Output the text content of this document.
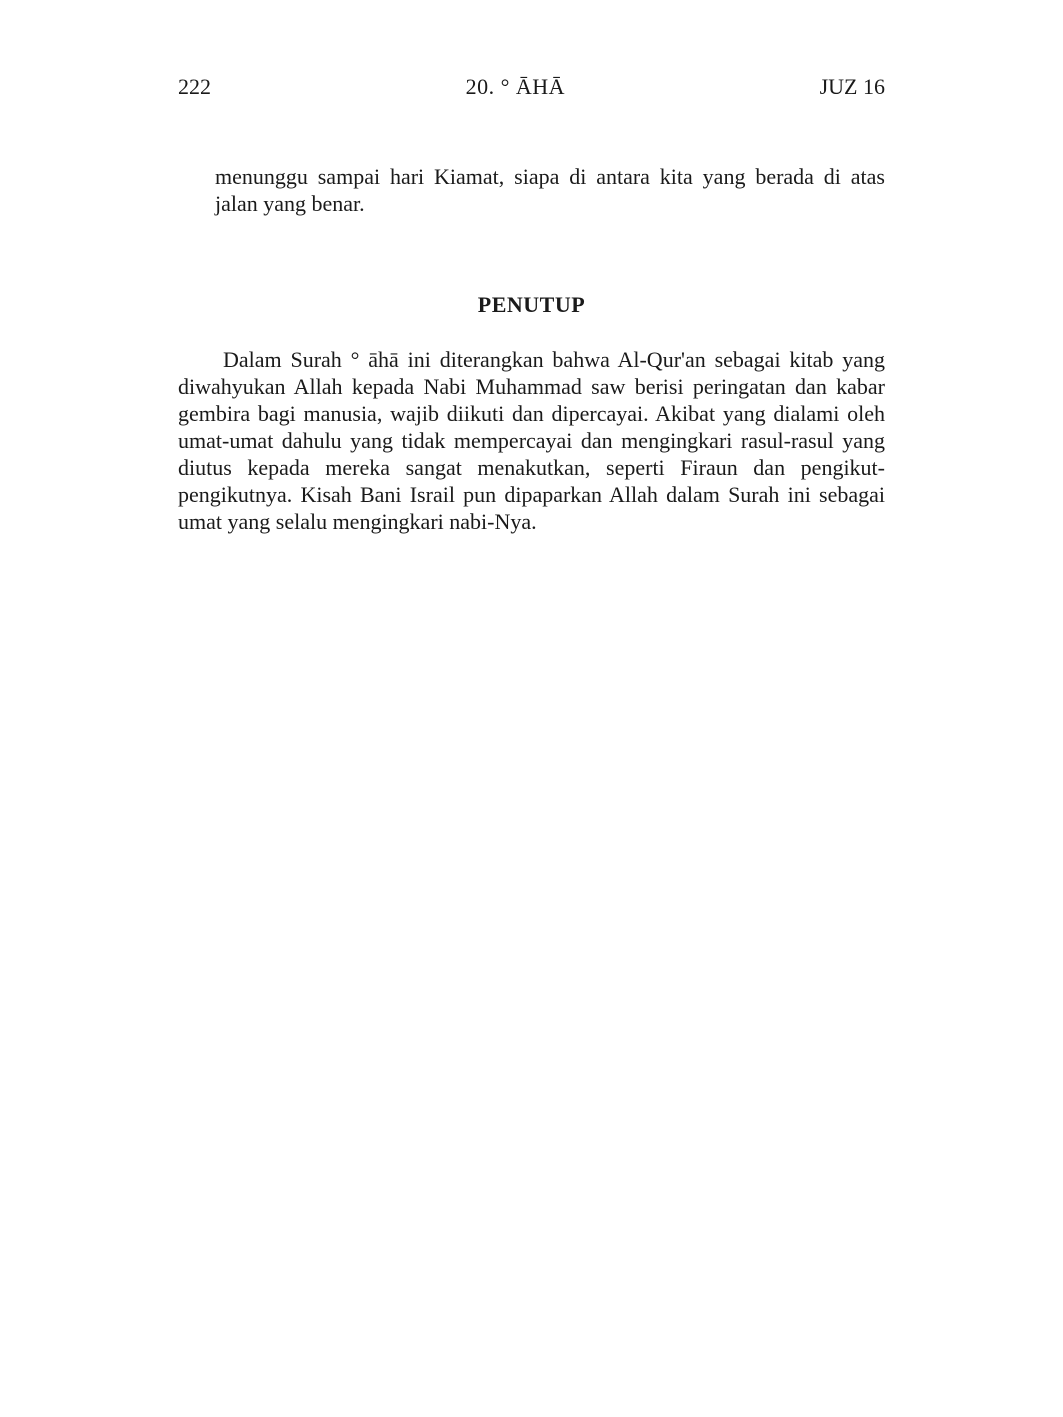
222	20. ° ĀHĀ	JUZ 16
menunggu sampai hari Kiamat, siapa di antara kita yang berada di atas
jalan yang benar.
PENUTUP
Dalam Surah ° āhā ini diterangkan bahwa Al-Qur'an sebagai kitab yang
diwahyukan Allah kepada Nabi Muhammad saw berisi peringatan dan kabar
gembira bagi manusia, wajib diikuti dan dipercayai. Akibat yang dialami oleh
umat-umat dahulu yang tidak mempercayai dan mengingkari rasul-rasul yang
diutus kepada mereka sangat menakutkan, seperti Firaun dan pengikut-
pengikutnya. Kisah Bani Israil pun dipaparkan Allah dalam Surah ini sebagai
umat yang selalu mengingkari nabi-Nya.
